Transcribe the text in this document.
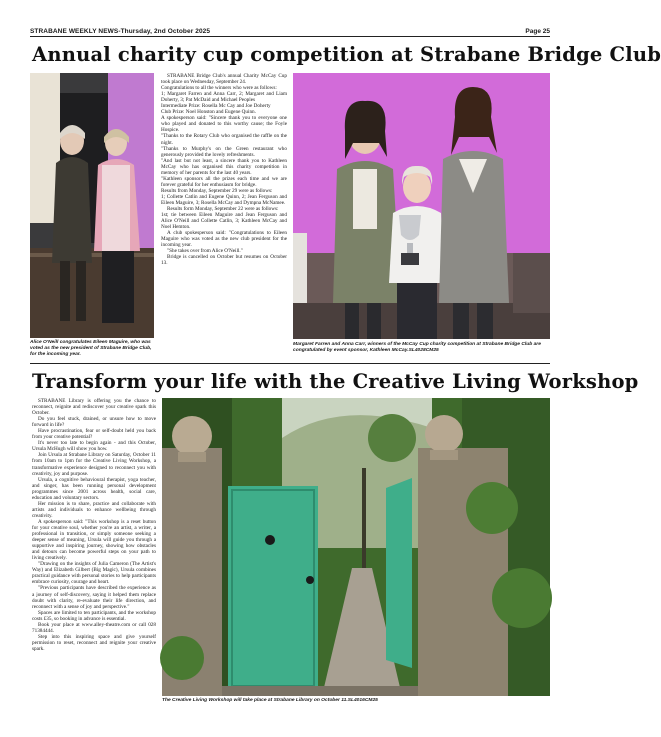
STRABANE WEEKLY NEWS-Thursday, 2nd October 2025	Page 25
Annual charity cup competition at Strabane Bridge Club
Alice O'Neill congratulates Eileen Maguire, who was voted as the new president of Strabane Bridge Club, for the incoming year.

STRABANE Bridge Club's annual Charity McCay Cup took place on Wednesday, September 24.

Congratulations to all the winners who were as follows:

1; Margaret Farren and Anna Carr, 2; Margaret and Liam Doherty, 3; Pat McDaid and Michael Peoples

Intermediate Prize: Rosella Mc Cay and Joe Doherty

Club Prize: Noel Honston and Eugene Quinn.

A spokesperson said: "Sincere thank you to everyone one who played and donated to this worthy cause; the Foyle Hospice.

"Thanks to the Rotary Club who organised the raffle on the night.

"Thanks to Murphy's on the Green restaurant who generously provided the lovely refreshments.

"And last but not least, a sincere thank you to Kathleen McCay who has organised this charity competition in memory of her parents for the last 40 years.

"Kathleen sponsors all the prizes each time and we are forever grateful for her enthusiasm for bridge.

Results from Monday, September 29 were as follows:

1; Collette Catlin and Eugene Quinn, 2; Jean Ferguson and Eileen Maguire, 3; Rosella McCay and Dympna McNamee.

Results form Monday, September 22 were as follows:

1st; tie between Eileen Maguire and Jean Ferguson and Alice O'Neill and Collette Catlin, 3; Kathleen McCay and Noel Hemton.

A club spokesperson said: "Congratulations to Eileen Maguire who was voted as the new club president for the incoming year.

"She takes over from Alice O'Neill."

Bridge is cancelled on October but resumes on October 13.

Margaret Farren and Anna Carr, winners of the McCay Cup charity competition at Strabane Bridge Club are congratulated by event sponsor, Kathleen McCay.SL4028CM25
Transform your life with the Creative Living Workshop

STRABANE Library is offering you the chance to reconnect, reignite and rediscover your creative spark this October.

Do you feel stuck, drained, or unsure how to move forward in life?

Have procrastination, fear or self-doubt held you back from your creative potential?

It's never too late to begin again - and this October, Ursula McHugh will show you how.

Join Ursula at Strabane Library on Saturday, October 11 from 10am to 1pm for the Creative Living Workshop, a transformative experience designed to reconnect you with creativity, joy and purpose.

Ursula, a cognitive behavioural therapist, yoga teacher, and singer, has been running personal development programmes since 2001 across health, social care, education and voluntary sectors.

Her mission is to share, practice and collaborate with artists and individuals to enhance wellbeing through creativity.

A spokesperson said: "This workshop is a reset button for your creative soul, whether you're an artist, a writer, a professional in transition, or simply someone seeking a deeper sense of meaning, Ursula will guide you through a supportive and inspiring journey, showing how obstacles and detours can become powerful steps on your path to living creatively.

"Drawing on the insights of Julia Cameron (The Artist's Way) and Elizabeth Gilbert (Big Magic), Ursula combines practical guidance with personal stories to help participants embrace curiosity, courage and heart.

"Previous participants have described the experience as a journey of self-discovery, saying it helped them replace doubt with clarity, re-evaluate their life direction, and reconnect with a sense of joy and perspective."

Spaces are limited to ten participants, and the workshop costs £35, so booking in advance is essential.

Book your place at www.alley-theatre.com or call 028 71384444.

Step into this inspiring space and give yourself permission to reset, reconnect and reignite your creative spark.

The Creative Living Workshop will take place at Strabane Library on October 11.SL4016CM25
